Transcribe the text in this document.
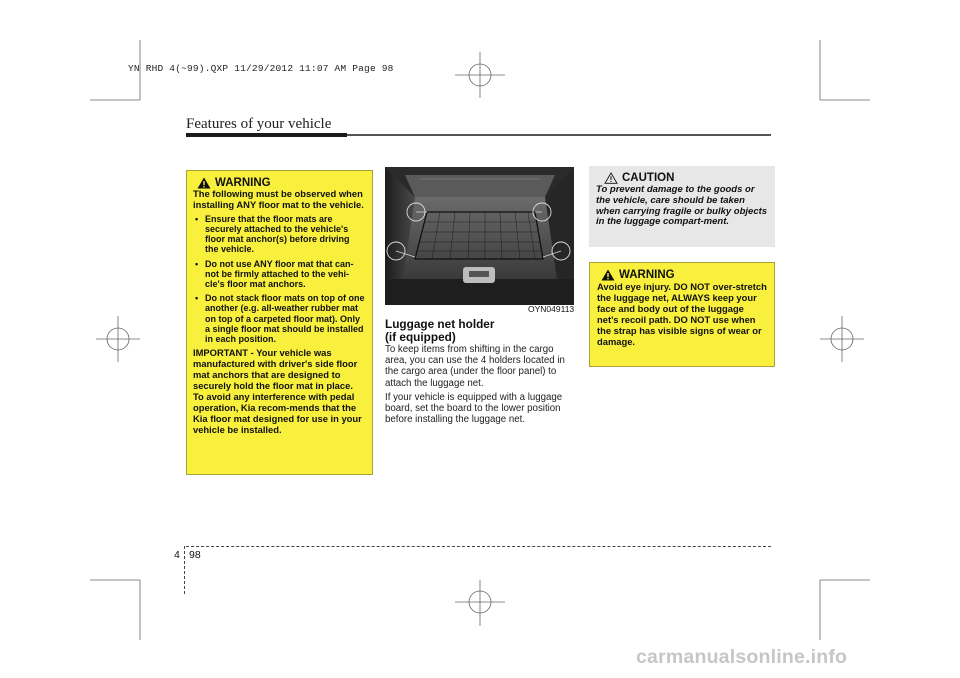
YN RHD 4(~99).QXP 11/29/2012 11:07 AM Page 98
Features of your vehicle
WARNING

The following must be observed when installing ANY floor mat to the vehicle.

• Ensure that the floor mats are securely attached to the vehicle's floor mat anchor(s) before driving the vehicle.
• Do not use ANY floor mat that can-not be firmly attached to the vehi-cle's floor mat anchors.
• Do not stack floor mats on top of one another (e.g. all-weather rubber mat on top of a carpeted floor mat). Only a single floor mat should be installed in each position.

IMPORTANT - Your vehicle was manufactured with driver's side floor mat anchors that are designed to securely hold the floor mat in place. To avoid any interference with pedal operation, Kia recom-mends that the Kia floor mat designed for use in your vehicle be installed.

OYN049113
Luggage net holder
(if equipped)

To keep items from shifting in the cargo area, you can use the 4 holders located in the cargo area (under the floor panel) to attach the luggage net.

If your vehicle is equipped with a luggage board, set the board to the lower position before installing the luggage net.

CAUTION
To prevent damage to the goods or the vehicle, care should be taken when carrying fragile or bulky objects in the luggage compart-ment.
WARNING
Avoid eye injury. DO NOT over-stretch the luggage net, ALWAYS keep your face and body out of the luggage net's recoil path. DO NOT use when the strap has visible signs of wear or damage.
4 98
carmanualsonline.info
